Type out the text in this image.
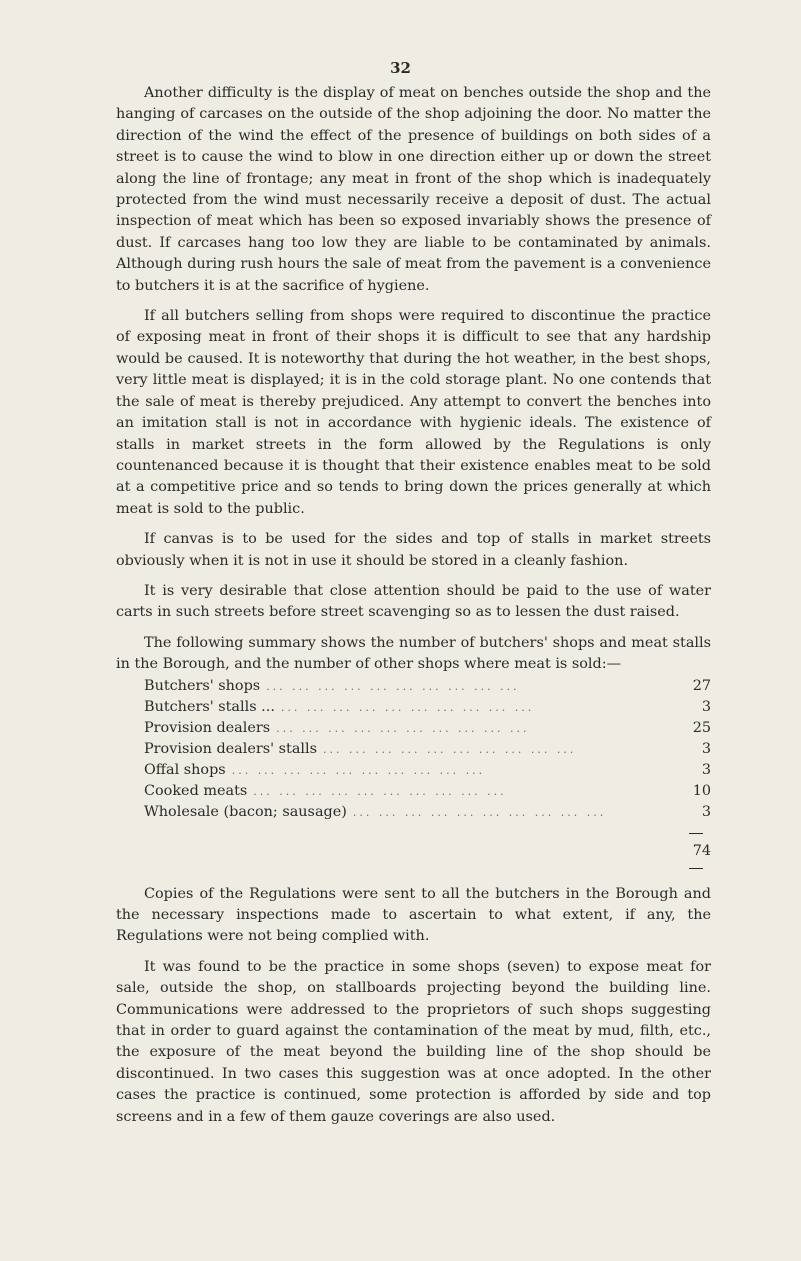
32

Another difficulty is the display of meat on benches outside the shop and the hanging of carcases on the outside of the shop adjoining the door. No matter the direction of the wind the effect of the presence of buildings on both sides of a street is to cause the wind to blow in one direction either up or down the street along the line of frontage; any meat in front of the shop which is inadequately protected from the wind must necessarily receive a deposit of dust. The actual inspection of meat which has been so exposed invariably shows the presence of dust. If carcases hang too low they are liable to be contaminated by animals. Although during rush hours the sale of meat from the pavement is a convenience to butchers it is at the sacrifice of hygiene.

If all butchers selling from shops were required to discontinue the practice of exposing meat in front of their shops it is difficult to see that any hardship would be caused. It is noteworthy that during the hot weather, in the best shops, very little meat is displayed; it is in the cold storage plant. No one contends that the sale of meat is thereby prejudiced. Any attempt to convert the benches into an imitation stall is not in accordance with hygienic ideals. The existence of stalls in market streets in the form allowed by the Regulations is only countenanced because it is thought that their existence enables meat to be sold at a competitive price and so tends to bring down the prices generally at which meat is sold to the public.

If canvas is to be used for the sides and top of stalls in market streets obviously when it is not in use it should be stored in a cleanly fashion.

It is very desirable that close attention should be paid to the use of water carts in such streets before street scavenging so as to lessen the dust raised.

The following summary shows the number of butchers' shops and meat stalls in the Borough, and the number of other shops where meat is sold:—

Butchers' shops ... ... ... ... ... ... ... ... ... ...	27
Butchers' stalls ... ... ... ... ... ... ... ... ... ... ...	3
Provision dealers ... ... ... ... ... ... ... ... ... ...	25
Provision dealers' stalls ... ... ... ... ... ... ... ... ... ...	3
Offal shops ... ... ... ... ... ... ... ... ... ...	3
Cooked meats ... ... ... ... ... ... ... ... ... ...	10
Wholesale (bacon; sausage) ... ... ... ... ... ... ... ... ... ...	3
74

Copies of the Regulations were sent to all the butchers in the Borough and the necessary inspections made to ascertain to what extent, if any, the Regulations were not being complied with.

It was found to be the practice in some shops (seven) to expose meat for sale, outside the shop, on stallboards projecting beyond the building line. Communications were addressed to the proprietors of such shops suggesting that in order to guard against the contamination of the meat by mud, filth, etc., the exposure of the meat beyond the building line of the shop should be discontinued. In two cases this suggestion was at once adopted. In the other cases the practice is continued, some protection is afforded by side and top screens and in a few of them gauze coverings are also used.
